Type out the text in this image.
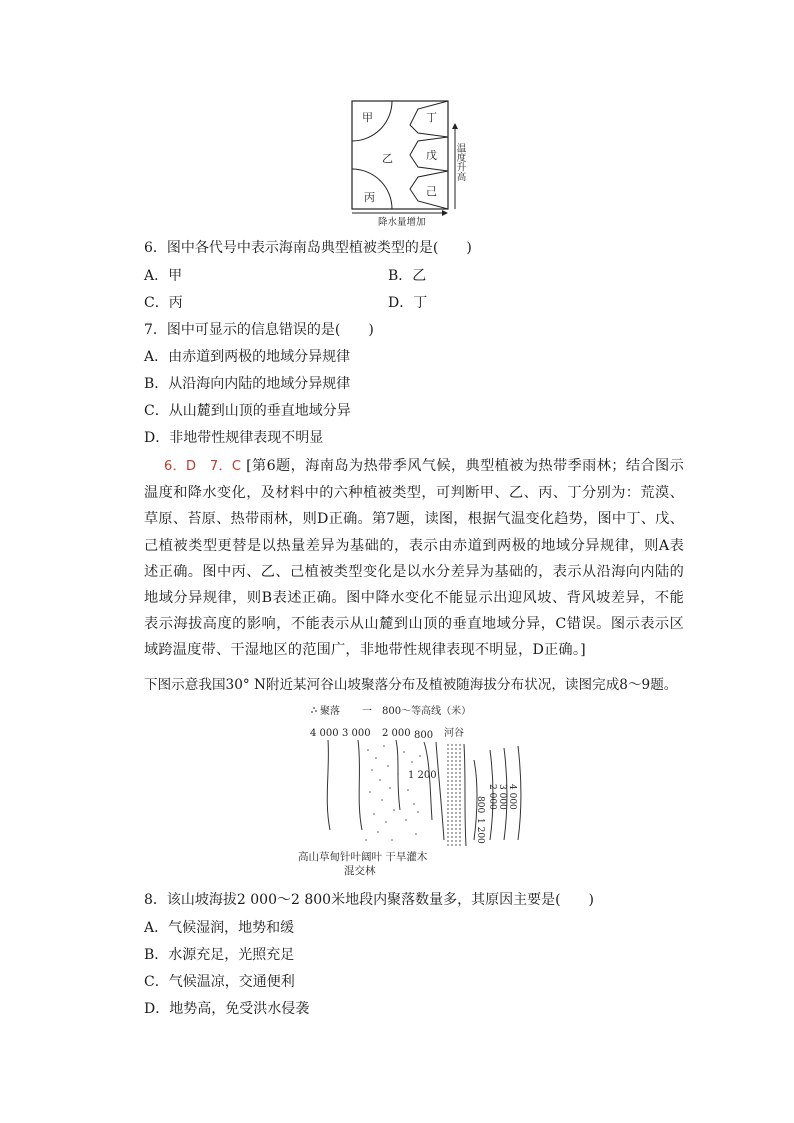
甲
乙
丙
丁
戊
己
温度升高
降水量增加
6．图中各代号中表示海南岛典型植被类型的是(　　)
A．甲	B．乙
C．丙	D．丁
7．图中可显示的信息错误的是(　　)
A．由赤道到两极的地域分异规律
B．从沿海向内陆的地域分异规律
C．从山麓到山顶的垂直地域分异
D．非地带性规律表现不明显
6．D　7．C [第6题，海南岛为热带季风气候，典型植被为热带季雨林；结合图示温度和降水变化，及材料中的六种植被类型，可判断甲、乙、丙、丁分别为：荒漠、草原、苔原、热带雨林，则D正确。第7题，读图，根据气温变化趋势，图中丁、戊、己植被类型更替是以热量差异为基础的，表示由赤道到两极的地域分异规律，则A表述正确。图中丙、乙、己植被类型变化是以水分差异为基础的，表示从沿海向内陆的地域分异规律，则B表述正确。图中降水变化不能显示出迎风坡、背风坡差异，不能表示海拔高度的影响，不能表示从山麓到山顶的垂直地域分异，C错误。图示表示区域跨温度带、干湿地区的范围广，非地带性规律表现不明显，D正确。]
下图示意我国30° N附近某河谷山坡聚落分布及植被随海拔分布状况，读图完成8～9题。
聚落 一　800～等高线（米）
4 000 3 000 2 000 800 河谷
1 200
800 2 000 3 000 4 000
1 200
高山草甸针叶阔叶 干旱灌木
混交林
8．该山坡海拔2 000～2 800米地段内聚落数量多，其原因主要是(　　)
A．气候湿润，地势和缓
B．水源充足，光照充足
C．气候温凉，交通便利
D．地势高，免受洪水侵袭
